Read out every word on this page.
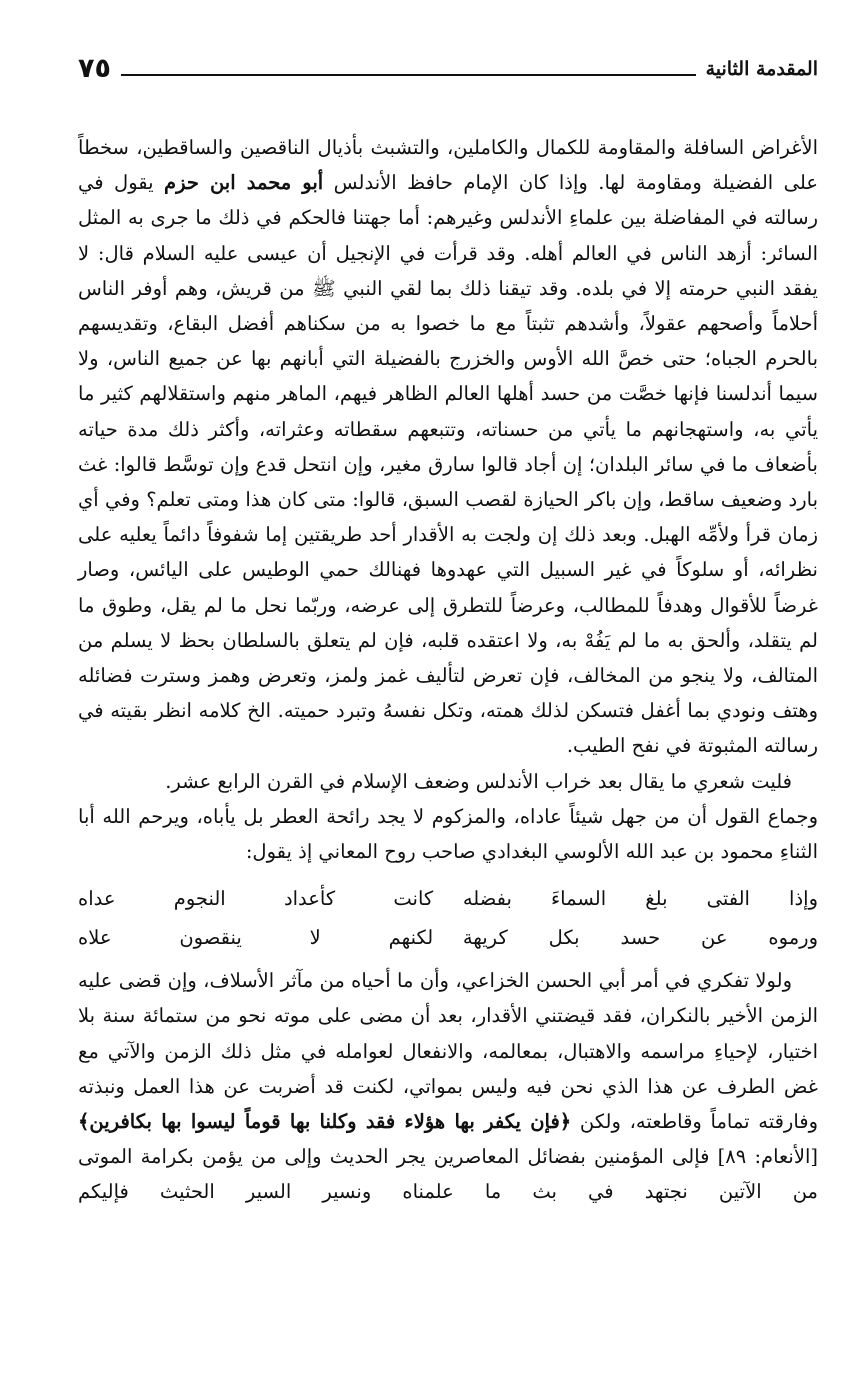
المقدمة الثانية
٧٥

الأغراض السافلة والمقاومة للكمال والكاملين، والتشبث بأذيال الناقصين والساقطين، سخطاً على الفضيلة ومقاومة لها. وإذا كان الإمام حافظ الأندلس أبو محمد ابن حزم يقول في رسالته في المفاضلة بين علماءِ الأندلس وغيرهم: أما جهتنا فالحكم في ذلك ما جرى به المثل السائر: أزهد الناس في العالم أهله. وقد قرأت في الإنجيل أن عيسى عليه السلام قال: لا يفقد النبي حرمته إلا في بلده. وقد تيقنا ذلك بما لقي النبي ﷺ من قريش، وهم أوفر الناس أحلاماً وأصحهم عقولاً، وأشدهم تثبتاً مع ما خصوا به من سكناهم أفضل البقاع، وتقديسهم بالحرم الجباه؛ حتى خصَّ الله الأوس والخزرج بالفضيلة التي أبانهم بها عن جميع الناس، ولا سيما أندلسنا فإنها خصَّت من حسد أهلها العالم الظاهر فيهم، الماهر منهم واستقلالهم كثير ما يأتي به، واستهجانهم ما يأتي من حسناته، وتتبعهم سقطاته وعثراته، وأكثر ذلك مدة حياته بأضعاف ما في سائر البلدان؛ إن أجاد قالوا سارق مغير، وإن انتحل قدع وإن توسَّط قالوا: غث بارد وضعيف ساقط، وإن باكر الحيازة لقصب السبق، قالوا: متى كان هذا ومتى تعلم؟ وفي أي زمان قرأ ولأمِّه الهبل. وبعد ذلك إن ولجت به الأقدار أحد طريقتين إما شفوفاً دائماً يعليه على نظرائه، أو سلوكاً في غير السبيل التي عهدوها فهنالك حمي الوطيس على اليائس، وصار غرضاً للأقوال وهدفاً للمطالب، وعرضاً للتطرق إلى عرضه، وربّما نحل ما لم يقل، وطوق ما لم يتقلد، وألحق به ما لم يَفُهْ به، ولا اعتقده قلبه، فإن لم يتعلق بالسلطان بحظ لا يسلم من المتالف، ولا ينجو من المخالف، فإن تعرض لتأليف غمز ولمز، وتعرض وهمز وسترت فضائله وهتف ونودي بما أغفل فتسكن لذلك همته، وتكل نفسهُ وتبرد حميته. الخ كلامه انظر بقيته في رسالته المثبوتة في نفح الطيب.

فليت شعري ما يقال بعد خراب الأندلس وضعف الإسلام في القرن الرابع عشر.

وجماع القول أن من جهل شيئاً عاداه، والمزكوم لا يجد رائحة العطر بل يأباه، ويرحم الله أبا الثناءِ محمود بن عبد الله الألوسي البغدادي صاحب روح المعاني إذ يقول:

وإذا الفتى بلغ السماءَ بفضله
كانت كأعداد النجوم عداه
ورموه عن حسد بكل كريهة
لكنهم لا ينقصون علاه

ولولا تفكري في أمر أبي الحسن الخزاعي، وأن ما أحياه من مآثر الأسلاف، وإن قضى عليه الزمن الأخير بالنكران، فقد قيضتني الأقدار، بعد أن مضى على موته نحو من ستمائة سنة بلا اختيار، لإحياءِ مراسمه والاهتبال، بمعالمه، والانفعال لعوامله في مثل ذلك الزمن والآتي مع غض الطرف عن هذا الذي نحن فيه وليس بمواتي، لكنت قد أضربت عن هذا العمل ونبذته وفارقته تماماً وقاطعته، ولكن ﴿فإن يكفر بها هؤلاء فقد وكلنا بها قوماً ليسوا بها بكافرين﴾ [الأنعام: ٨٩] فإلى المؤمنين بفضائل المعاصرين يجر الحديث وإلى من يؤمن بكرامة الموتى من الآتين نجتهد في بث ما علمناه ونسير السير الحثيث فإليكم
